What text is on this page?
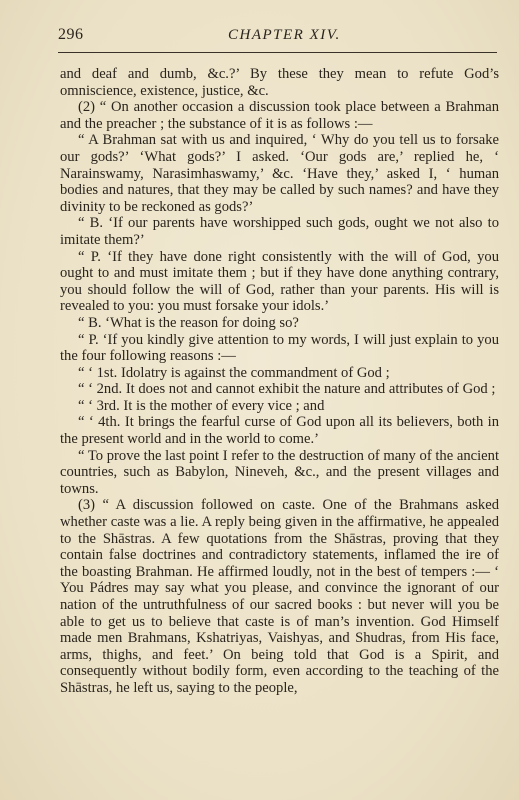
296	CHAPTER XIV.

and deaf and dumb, &c.?’ By these they mean to refute God’s omniscience, existence, justice, &c.

(2) “ On another occasion a discussion took place between a Brahman and the preacher ; the substance of it is as follows :—

“ A Brahman sat with us and inquired, ‘ Why do you tell us to forsake our gods?’ ‘What gods?’ I asked. ‘Our gods are,’ replied he, ‘ Narainswamy, Narasimhaswamy,’ &c. ‘Have they,’ asked I, ‘ human bodies and natures, that they may be called by such names? and have they divinity to be reckoned as gods?’

“ B. ‘If our parents have worshipped such gods, ought we not also to imitate them?’

“ P. ‘If they have done right consistently with the will of God, you ought to and must imitate them ; but if they have done anything contrary, you should follow the will of God, rather than your parents. His will is revealed to you: you must forsake your idols.’

“ B. ‘What is the reason for doing so?

“ P. ‘If you kindly give attention to my words, I will just explain to you the four following reasons :—

“ ‘ 1st. Idolatry is against the commandment of God ;

“ ‘ 2nd. It does not and cannot exhibit the nature and attributes of God ;

“ ‘ 3rd. It is the mother of every vice ; and

“ ‘ 4th. It brings the fearful curse of God upon all its believers, both in the present world and in the world to come.’

“ To prove the last point I refer to the destruction of many of the ancient countries, such as Babylon, Nineveh, &c., and the present villages and towns.

(3) “ A discussion followed on caste. One of the Brahmans asked whether caste was a lie. A reply being given in the affirmative, he appealed to the Shāstras. A few quotations from the Shāstras, proving that they contain false doctrines and contradictory statements, inflamed the ire of the boasting Brahman. He affirmed loudly, not in the best of tempers :— ‘ You Pádres may say what you please, and convince the ignorant of our nation of the untruthfulness of our sacred books : but never will you be able to get us to believe that caste is of man’s invention. God Himself made men Brahmans, Kshatriyas, Vaishyas, and Shudras, from His face, arms, thighs, and feet.’ On being told that God is a Spirit, and consequently without bodily form, even according to the teaching of the Shāstras, he left us, saying to the people,
